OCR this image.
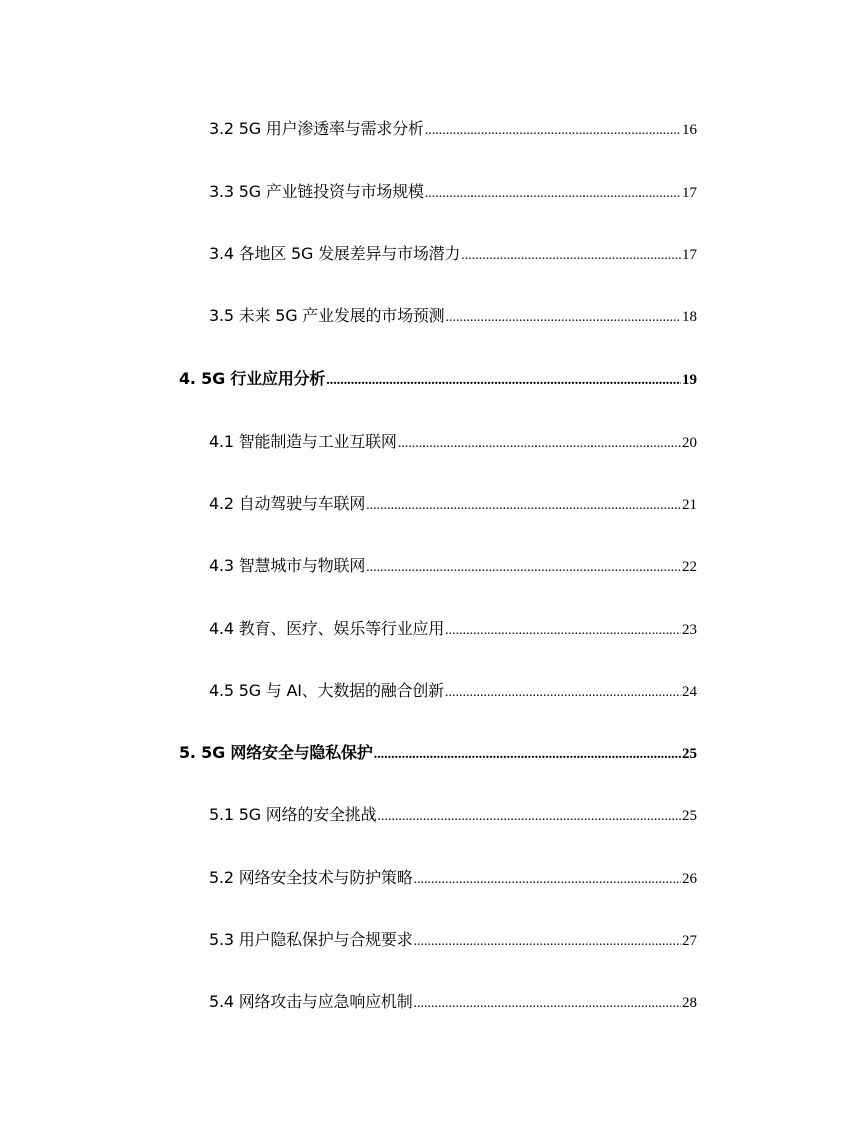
3.2 5G 用户渗透率与需求分析 .....	16
3.3 5G 产业链投资与市场规模 .....	17
3.4 各地区 5G 发展差异与市场潜力 .....	17
3.5 未来 5G 产业发展的市场预测 .....	18
4. 5G 行业应用分析 .....	19
4.1 智能制造与工业互联网 .....	20
4.2 自动驾驶与车联网 .....	21
4.3 智慧城市与物联网 .....	22
4.4 教育、医疗、娱乐等行业应用 .....	23
4.5 5G 与 AI、大数据的融合创新 .....	24
5. 5G 网络安全与隐私保护 .....	25
5.1 5G 网络的安全挑战 .....	25
5.2 网络安全技术与防护策略 .....	26
5.3 用户隐私保护与合规要求 .....	27
5.4 网络攻击与应急响应机制 .....	28
